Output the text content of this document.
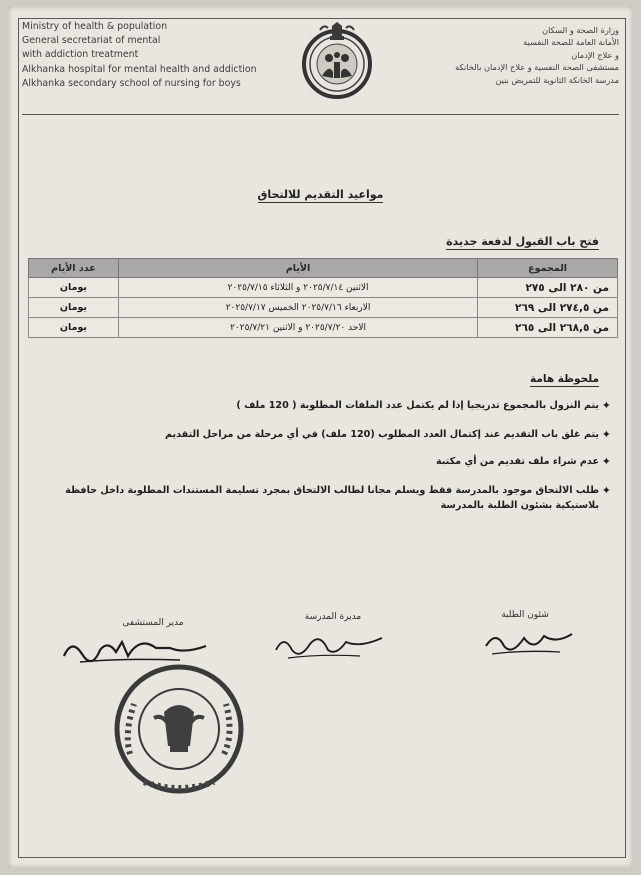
Ministry of health & population
General secretariat of mental
with addiction treatment
Alkhanka hospital for mental health and addiction
Alkhanka secondary school of nursing for boys
وزارة الصحة و السكان
الأمانة العامة للصحة النفسية
و علاج الإدمان
مستشفى الصحة النفسية و علاج الإدمان بالخانكة
مدرسة الخانكة الثانوية للتمريض بنين
مواعيد التقديم للالتحاق
فتح باب القبول لدفعة جديدة
المجموع	الأيام	عدد الأيام
من ٢٨٠ الى ٢٧٥	الاثنين ٢٠٢٥/٧/١٤ و الثلاثاء ٢٠٢٥/٧/١٥	يومان
من ٢٧٤,٥ الى ٢٦٩	الاربعاء ٢٠٢٥/٧/١٦ الخميس ٢٠٢٥/٧/١٧	يومان
من ٢٦٨,٥ الى ٢٦٥	الاحد ٢٠٢٥/٧/٢٠ و الاثنين ٢٠٢٥/٧/٢١	يومان
ملحوظة هامة
✦
يتم النزول بالمجموع تدريجيا إذا لم يكتمل عدد الملفات المطلوبة ( 120 ملف )
✦
يتم غلق باب التقديم عند إكتمال العدد المطلوب (120 ملف) في أي مرحلة من مراحل التقديم
✦
عدم شراء ملف تقديم من أي مكتبة
✦
طلب الالتحاق موجود بالمدرسة فقط ويسلم مجانا لطالب الالتحاق بمجرد تسليمة المستندات المطلوبة داخل حافظة بلاستيكية بشئون الطلبة بالمدرسة
مدير المستشفى
مديرة المدرسة	شئون الطلبة
